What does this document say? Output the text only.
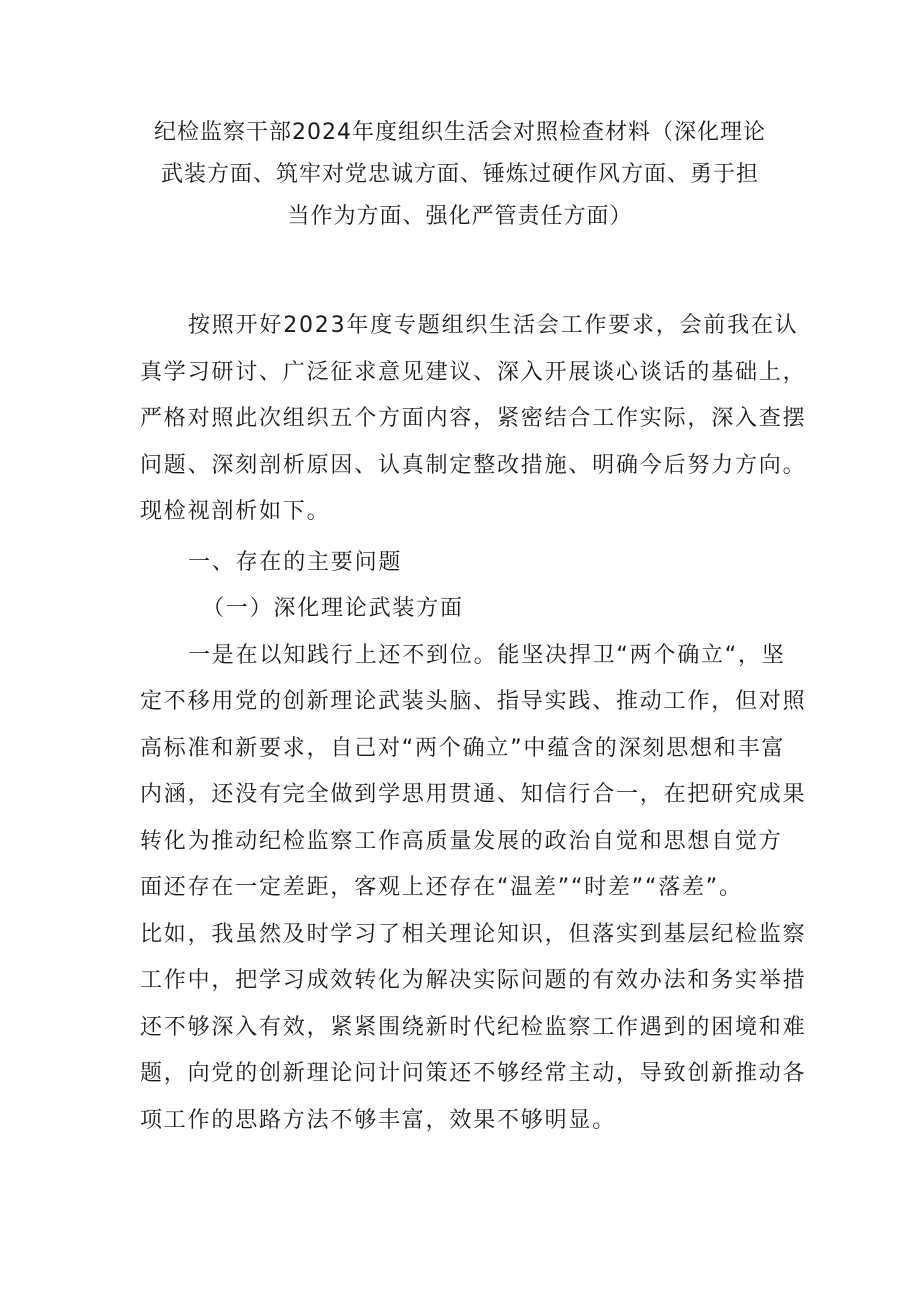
纪检监察干部2024年度组织生活会对照检查材料（深化理论
武装方面、筑牢对党忠诚方面、锤炼过硬作风方面、勇于担
当作为方面、强化严管责任方面）

按照开好2023年度专题组织生活会工作要求，会前我在认
真学习研讨、广泛征求意见建议、深入开展谈心谈话的基础上，
严格对照此次组织五个方面内容，紧密结合工作实际，深入查摆
问题、深刻剖析原因、认真制定整改措施、明确今后努力方向。
现检视剖析如下。

一、存在的主要问题

（一）深化理论武装方面

一是在以知践行上还不到位。能坚决捍卫“两个确立“，坚
定不移用党的创新理论武装头脑、指导实践、推动工作，但对照
高标准和新要求，自己对“两个确立”中蕴含的深刻思想和丰富
内涵，还没有完全做到学思用贯通、知信行合一，在把研究成果
转化为推动纪检监察工作高质量发展的政治自觉和思想自觉方
面还存在一定差距，客观上还存在“温差”“时差”“落差”。
比如，我虽然及时学习了相关理论知识，但落实到基层纪检监察
工作中，把学习成效转化为解决实际问题的有效办法和务实举措
还不够深入有效，紧紧围绕新时代纪检监察工作遇到的困境和难
题，向党的创新理论问计问策还不够经常主动，导致创新推动各
项工作的思路方法不够丰富，效果不够明显。
